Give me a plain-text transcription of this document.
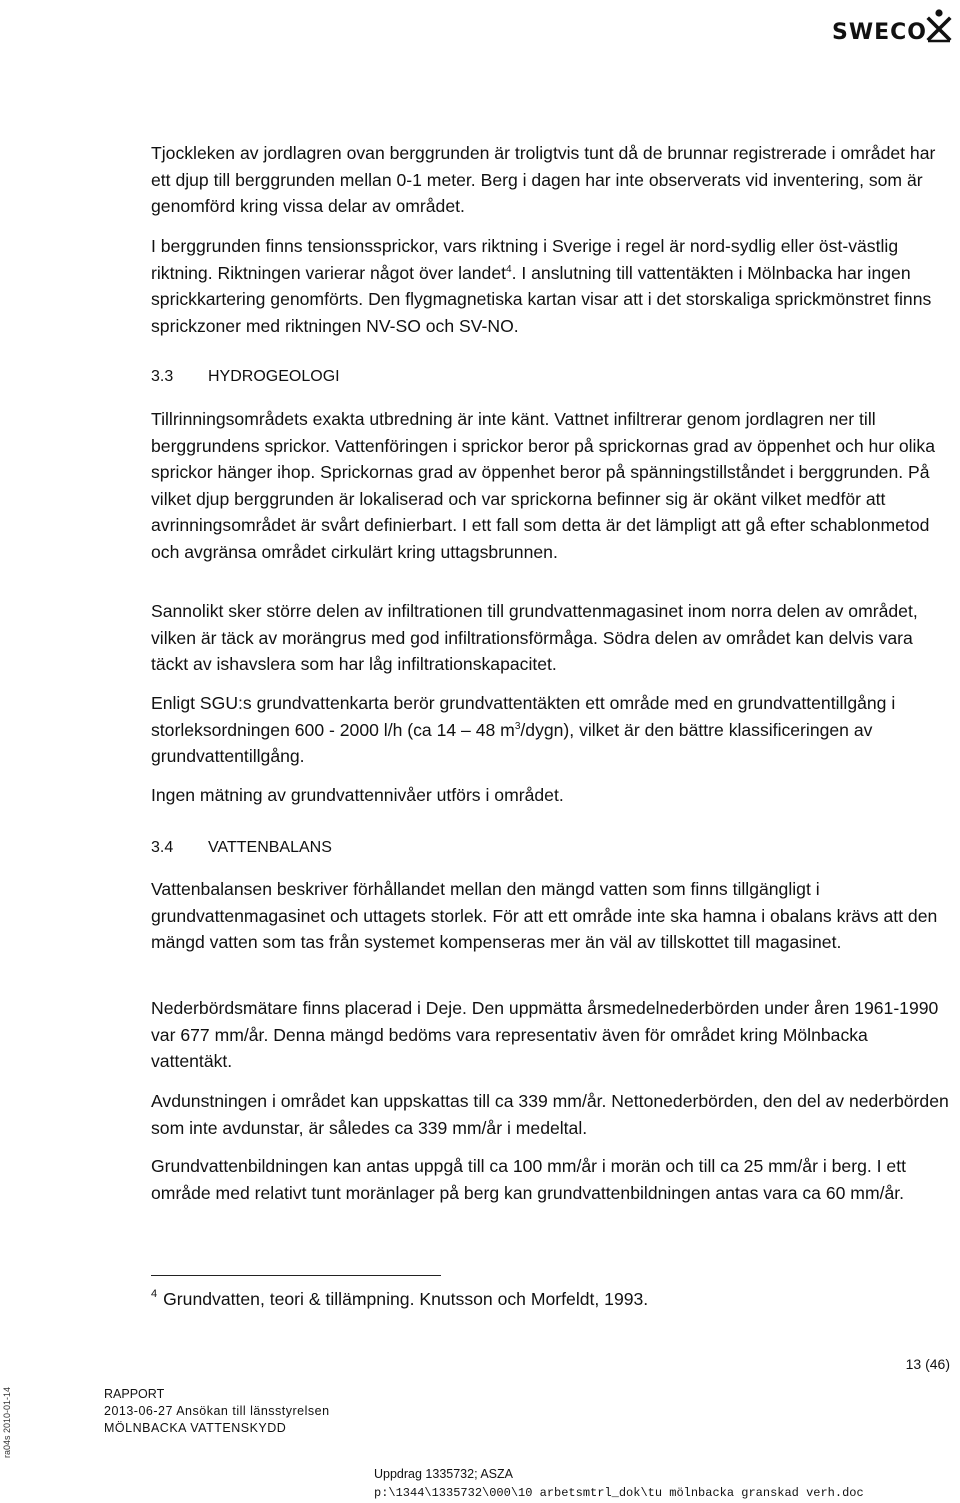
SWECO

Tjockleken av jordlagren ovan berggrunden är troligtvis tunt då de brunnar registrerade i området har ett djup till berggrunden mellan 0-1 meter. Berg i dagen har inte observerats vid inventering, som är genomförd kring vissa delar av området.

I berggrunden finns tensionssprickor, vars riktning i Sverige i regel är nord-sydlig eller öst-västlig riktning. Riktningen varierar något över landet$^4$. I anslutning till vattentäkten i Mölnbacka har ingen sprickkartering genomförts. Den flygmagnetiska kartan visar att i det storskaliga sprickmönstret finns sprickzoner med riktningen NV-SO och SV-NO.

3.3	HYDROGEOLOGI

Tillrinningsområdets exakta utbredning är inte känt. Vattnet infiltrerar genom jordlagren ner till berggrundens sprickor. Vattenföringen i sprickor beror på sprickornas grad av öppenhet och hur olika sprickor hänger ihop. Sprickornas grad av öppenhet beror på spänningstillståndet i berggrunden. På vilket djup berggrunden är lokaliserad och var sprickorna befinner sig är okänt vilket medför att avrinningsområdet är svårt definierbart. I ett fall som detta är det lämpligt att gå efter schablonmetod och avgränsa området cirkulärt kring uttagsbrunnen.

Sannolikt sker större delen av infiltrationen till grundvattenmagasinet inom norra delen av området, vilken är täck av morängrus med god infiltrationsförmåga. Södra delen av området kan delvis vara täckt av ishavslera som har låg infiltrationskapacitet.

Enligt SGU:s grundvattenkarta berör grundvattentäkten ett område med en grundvattentillgång i storleksordningen 600 - 2000 l/h (ca 14 – 48 $m^3/dygn$), vilket är den bättre klassificeringen av grundvattentillgång.

Ingen mätning av grundvattennivåer utförs i området.

3.4	VATTENBALANS

Vattenbalansen beskriver förhållandet mellan den mängd vatten som finns tillgängligt i grundvattenmagasinet och uttagets storlek. För att ett område inte ska hamna i obalans krävs att den mängd vatten som tas från systemet kompenseras mer än väl av tillskottet till magasinet.

Nederbördsmätare finns placerad i Deje. Den uppmätta årsmedelnederbörden under åren 1961-1990 var 677 mm/år. Denna mängd bedöms vara representativ även för området kring Mölnbacka vattentäkt.

Avdunstningen i området kan uppskattas till ca 339 mm/år. Nettonederbörden, den del av nederbörden som inte avdunstar, är således ca 339 mm/år i medeltal.

Grundvattenbildningen kan antas uppgå till ca 100 mm/år i morän och till ca 25 mm/år i berg. I ett område med relativt tunt moränlager på berg kan grundvattenbildningen antas vara ca 60 mm/år.

$^4$ Grundvatten, teori & tillämpning. Knutsson och Morfeldt, 1993.
13 (46)
ra04s 2010-01-14	RAPPORT
2013-06-27 Ansökan till länsstyrelsen
MÖLNBACKA VATTENSKYDD
Uppdrag 1335732; ASZA
p:\1344\1335732\000\10 arbetsmtrl_dok\tu mölnbacka granskad verh.doc
